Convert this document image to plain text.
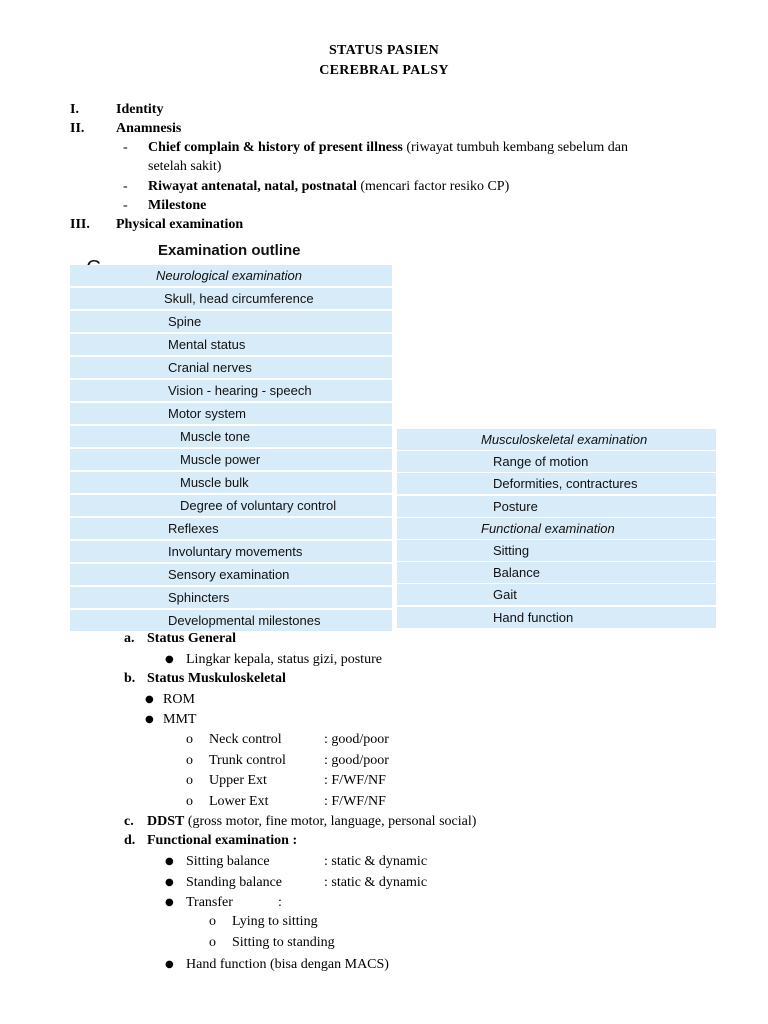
STATUS PASIEN
CEREBRAL PALSY
I.	Identity
II. Anamnesis
- Chief complain & history of present illness (riwayat tumbuh kembang sebelum dan
setelah sakit)
- Riwayat antenatal, natal, postnatal (mencari factor resiko CP)
- Milestone
III. Physical examination
Examination outline
Neurological examination
Skull, head circumference
Spine
Mental status
Cranial nerves
Vision - hearing - speech
Motor system
Muscle tone
Muscle power
Muscle bulk
Degree of voluntary control
Reflexes
Involuntary movements
Sensory examination
Sphincters
Developmental milestones
Musculoskeletal examination
Range of motion
Deformities, contractures
Posture
Functional examination
Sitting
Balance
Gait
Hand function
a. Status General
● Lingkar kepala, status gizi, posture
b. Status Muskuloskeletal
● ROM
● MMT
o Neck control	: good/poor
o Trunk control	: good/poor
o Upper Ext	: F/WF/NF
o Lower Ext	: F/WF/NF
c. DDST (gross motor, fine motor, language, personal social)
d. Functional examination :
● Sitting balance	: static & dynamic
● Standing balance	: static & dynamic
● Transfer	:
o Lying to sitting
o Sitting to standing
● Hand function (bisa dengan MACS)
